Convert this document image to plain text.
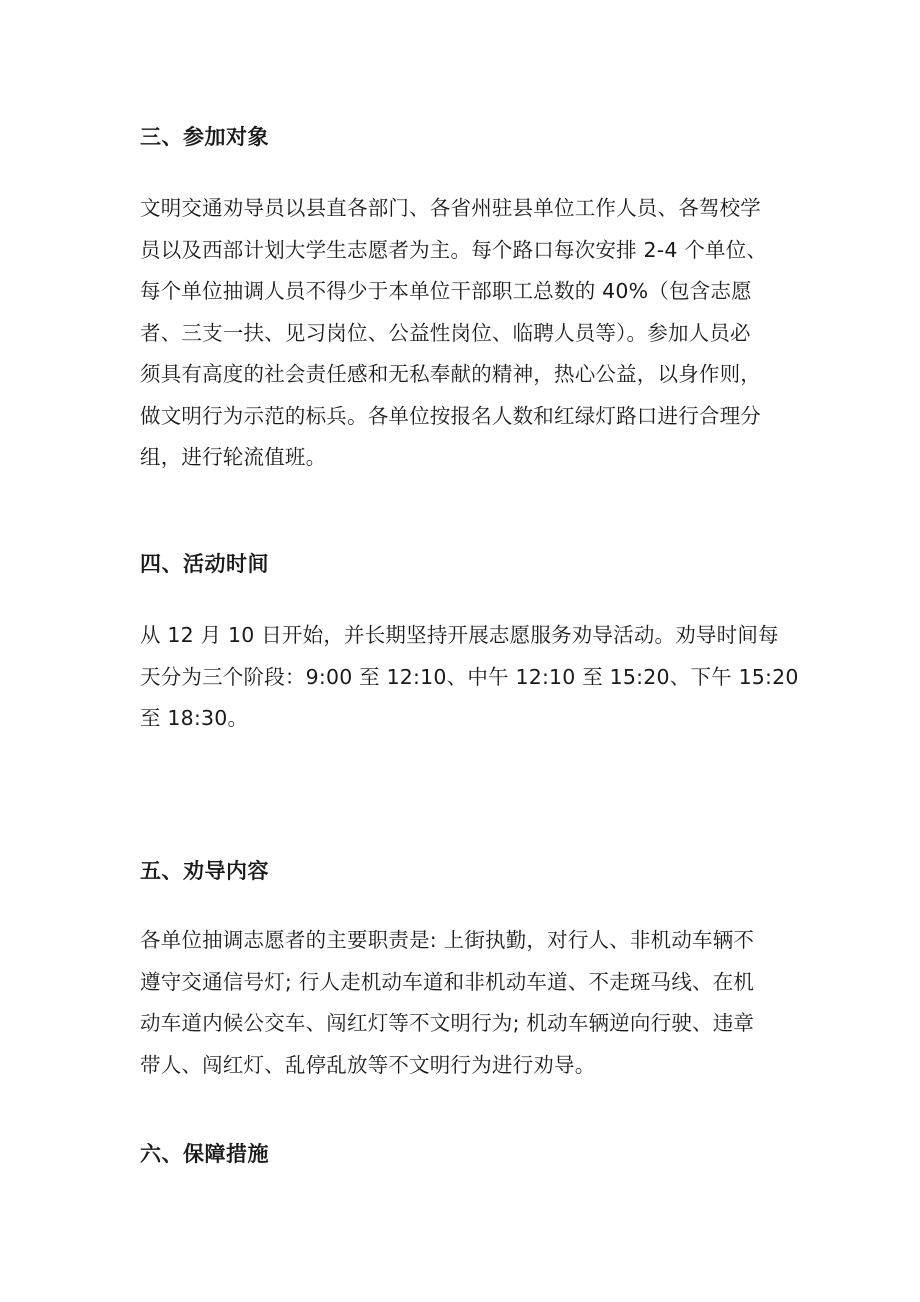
三、参加对象
文明交通劝导员以县直各部门、各省州驻县单位工作人员、各驾校学
员以及西部计划大学生志愿者为主。每个路口每次安排 2-4 个单位、
每个单位抽调人员不得少于本单位干部职工总数的 40%（包含志愿
者、三支一扶、见习岗位、公益性岗位、临聘人员等）。参加人员必
须具有高度的社会责任感和无私奉献的精神，热心公益，以身作则，
做文明行为示范的标兵。各单位按报名人数和红绿灯路口进行合理分
组，进行轮流值班。
四、活动时间
从 12 月 10 日开始，并长期坚持开展志愿服务劝导活动。劝导时间每
天分为三个阶段：9:00 至 12:10、中午 12:10 至 15:20、下午 15:20
至 18:30。
五、劝导内容
各单位抽调志愿者的主要职责是: 上街执勤，对行人、非机动车辆不
遵守交通信号灯; 行人走机动车道和非机动车道、不走斑马线、在机
动车道内候公交车、闯红灯等不文明行为; 机动车辆逆向行驶、违章
带人、闯红灯、乱停乱放等不文明行为进行劝导。
六、保障措施
